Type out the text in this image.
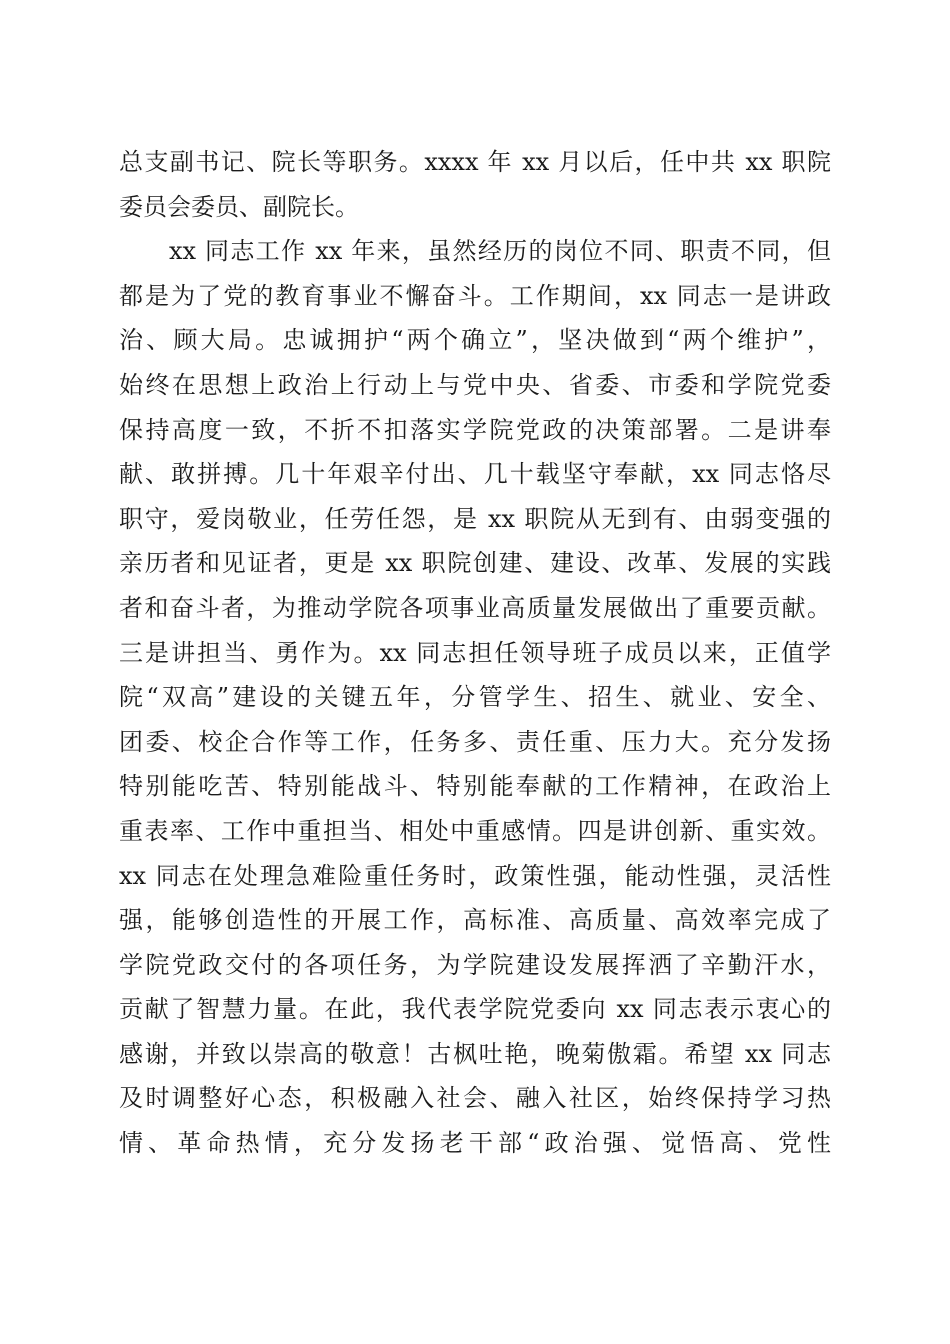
总支副书记、院长等职务。xxxx 年 xx 月以后，任中共 xx 职院
委员会委员、副院长。
xx 同志工作 xx 年来，虽然经历的岗位不同、职责不同，但
都是为了党的教育事业不懈奋斗。工作期间，xx 同志一是讲政
治、顾大局。忠诚拥护“两个确立”，坚决做到“两个维护”，
始终在思想上政治上行动上与党中央、省委、市委和学院党委
保持高度一致，不折不扣落实学院党政的决策部署。二是讲奉
献、敢拼搏。几十年艰辛付出、几十载坚守奉献，xx 同志恪尽
职守，爱岗敬业，任劳任怨，是 xx 职院从无到有、由弱变强的
亲历者和见证者，更是 xx 职院创建、建设、改革、发展的实践
者和奋斗者，为推动学院各项事业高质量发展做出了重要贡献。
三是讲担当、勇作为。xx 同志担任领导班子成员以来，正值学
院“双高”建设的关键五年，分管学生、招生、就业、安全、
团委、校企合作等工作，任务多、责任重、压力大。充分发扬
特别能吃苦、特别能战斗、特别能奉献的工作精神，在政治上
重表率、工作中重担当、相处中重感情。四是讲创新、重实效。
xx 同志在处理急难险重任务时，政策性强，能动性强，灵活性
强，能够创造性的开展工作，高标准、高质量、高效率完成了
学院党政交付的各项任务，为学院建设发展挥洒了辛勤汗水，
贡献了智慧力量。在此，我代表学院党委向 xx 同志表示衷心的
感谢，并致以崇高的敬意！古枫吐艳，晚菊傲霜。希望 xx 同志
及时调整好心态，积极融入社会、融入社区，始终保持学习热
情、革命热情，充分发扬老干部“政治强、觉悟高、党性
